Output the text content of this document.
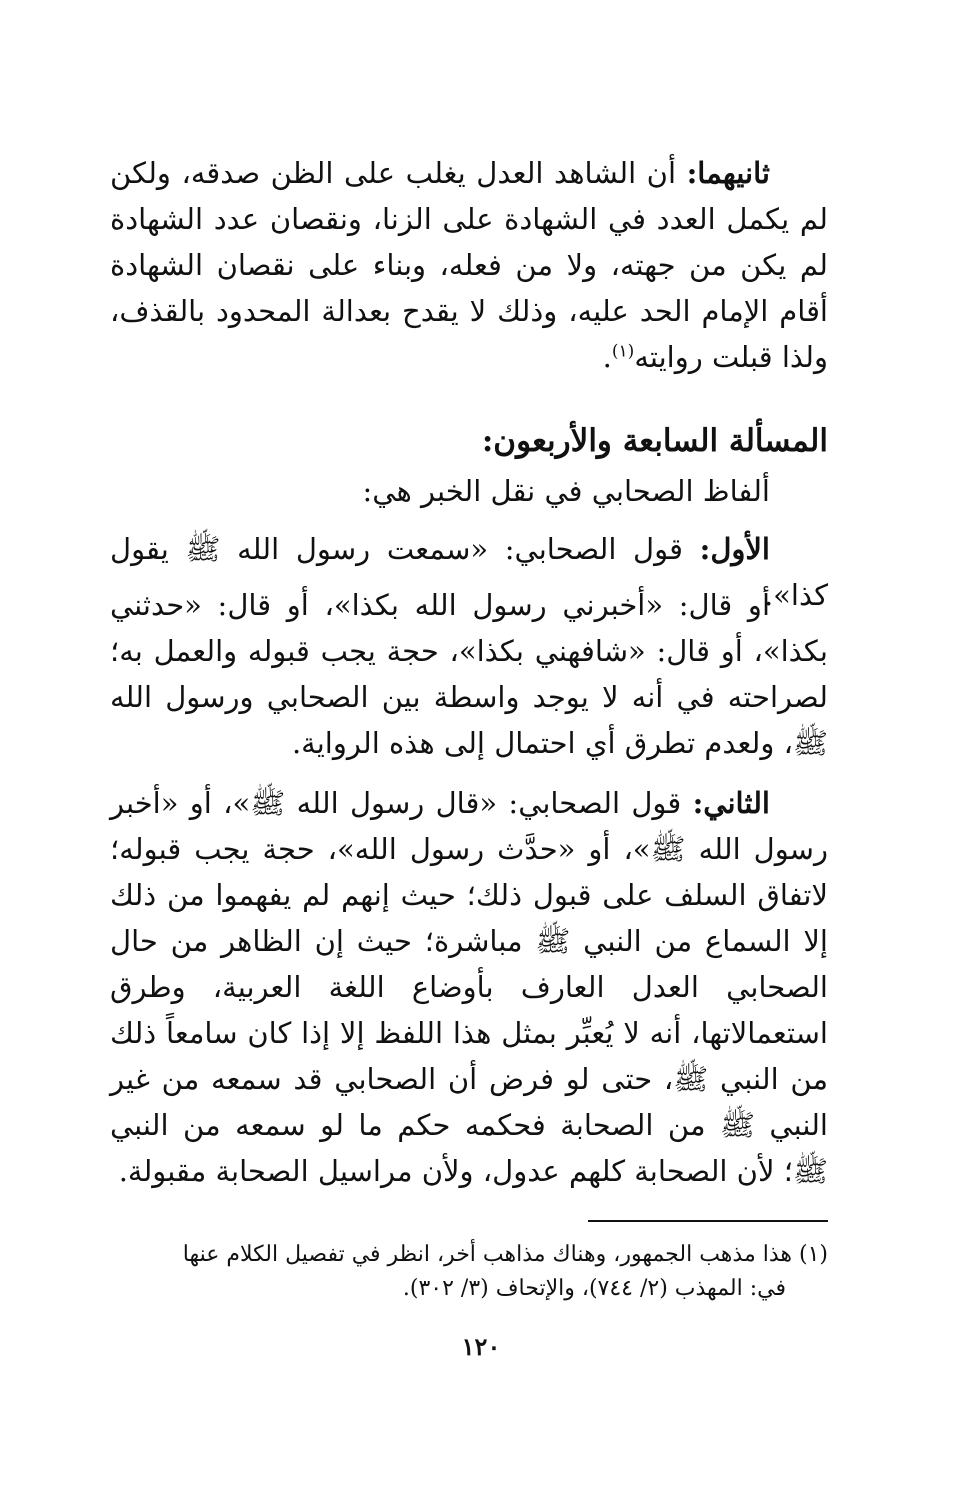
ثانيهما: أن الشاهد العدل يغلب على الظن صدقه، ولكن لم يكمل العدد في الشهادة على الزنا، ونقصان عدد الشهادة لم يكن من جهته، ولا من فعله، وبناء على نقصان الشهادة أقام الإمام الحد عليه، وذلك لا يقدح بعدالة المحدود بالقذف، ولذا قبلت روايته$^{(١)}$.

المسألة السابعة والأربعون:

ألفاظ الصحابي في نقل الخبر هي:

الأول: قول الصحابي: «سمعت رسول الله ﷺ يقول كذا».

أو قال: «أخبرني رسول الله بكذا»، أو قال: «حدثني بكذا»، أو قال: «شافهني بكذا»، حجة يجب قبوله والعمل به؛ لصراحته في أنه لا يوجد واسطة بين الصحابي ورسول الله ﷺ، ولعدم تطرق أي احتمال إلى هذه الرواية.

الثاني: قول الصحابي: «قال رسول الله ﷺ»، أو «أخبر رسول الله ﷺ»، أو «حدَّث رسول الله»، حجة يجب قبوله؛ لاتفاق السلف على قبول ذلك؛ حيث إنهم لم يفهموا من ذلك إلا السماع من النبي ﷺ مباشرة؛ حيث إن الظاهر من حال الصحابي العدل العارف بأوضاع اللغة العربية، وطرق استعمالاتها، أنه لا يُعبِّر بمثل هذا اللفظ إلا إذا كان سامعاً ذلك من النبي ﷺ، حتى لو فرض أن الصحابي قد سمعه من غير النبي ﷺ من الصحابة فحكمه حكم ما لو سمعه من النبي ﷺ؛ لأن الصحابة كلهم عدول، ولأن مراسيل الصحابة مقبولة.

(١) هذا مذهب الجمهور، وهناك مذاهب أخر، انظر في تفصيل الكلام عنها
في: المهذب (٢/ ٧٤٤)، والإتحاف (٣/ ٣٠٢).

١٢٠
